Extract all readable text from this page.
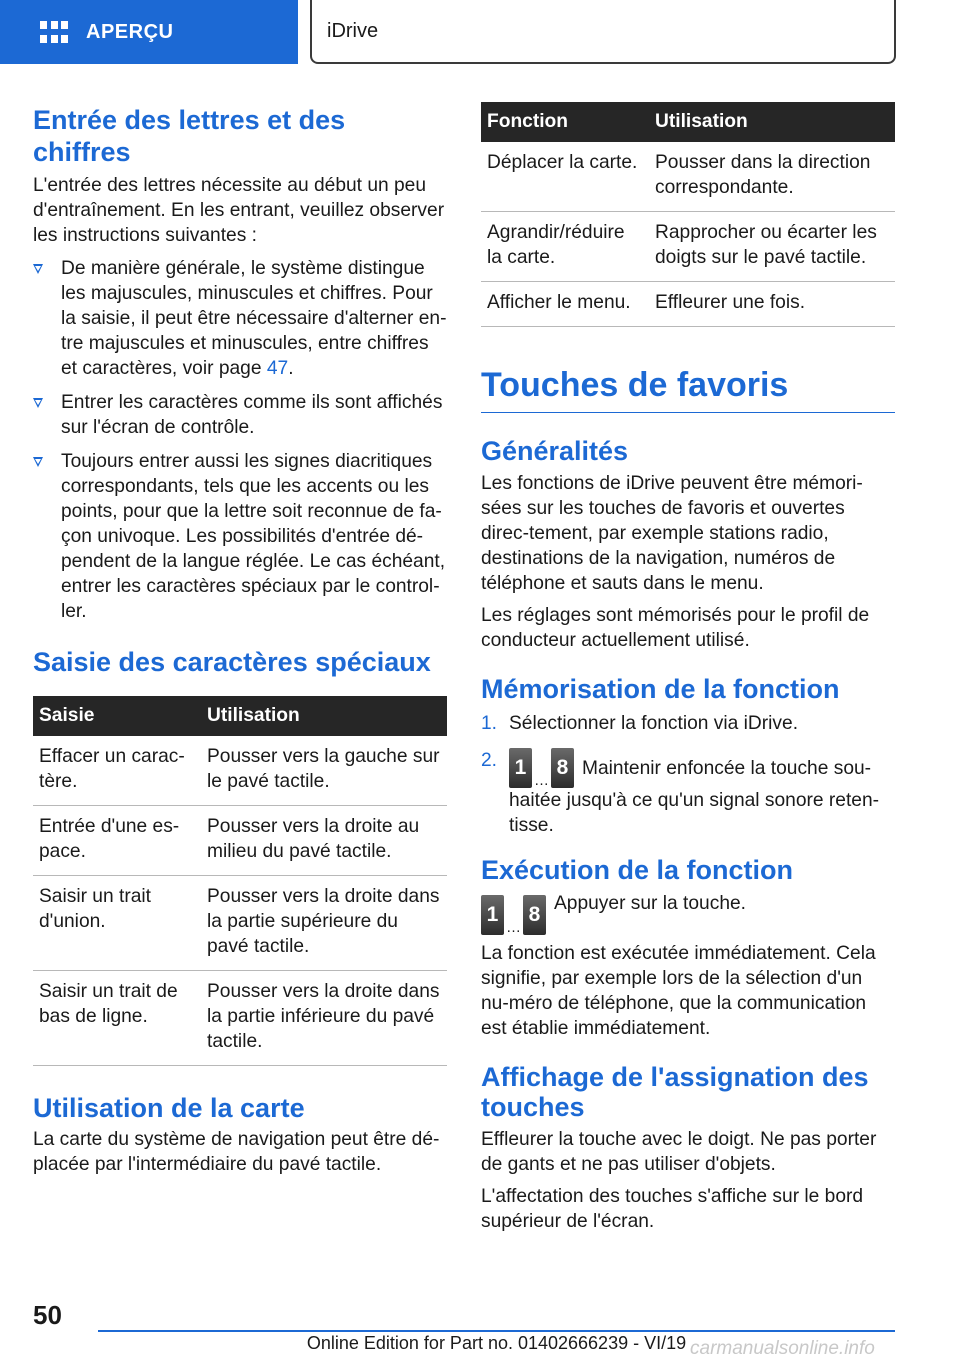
APERÇU	iDrive
Entrée des lettres et des chiffres

L'entrée des lettres nécessite au début un peu d'entraînement. En les entrant, veuillez observer les instructions suivantes :

De manière générale, le système distingue les majuscules, minuscules et chiffres. Pour la saisie, il peut être nécessaire d'alterner en‐tre majuscules et minuscules, entre chiffres et caractères, voir page 47.
Entrer les caractères comme ils sont affichés sur l'écran de contrôle.
Toujours entrer aussi les signes diacritiques correspondants, tels que les accents ou les points, pour que la lettre soit reconnue de fa‐çon univoque. Les possibilités d'entrée dé‐pendent de la langue réglée. Le cas échéant, entrer les caractères spéciaux par le control‐ler.
Saisie des caractères spéciaux
Saisie	Utilisation
Effacer un carac‐tère.	Pousser vers la gauche sur le pavé tactile.
Entrée d'une es‐pace.	Pousser vers la droite au milieu du pavé tactile.
Saisir un trait d'union.	Pousser vers la droite dans la partie supérieure du pavé tactile.
Saisir un trait de bas de ligne.	Pousser vers la droite dans la partie inférieure du pavé tactile.
Utilisation de la carte

La carte du système de navigation peut être dé‐placée par l'intermédiaire du pavé tactile.

Fonction	Utilisation
Déplacer la carte.	Pousser dans la direction correspondante.
Agrandir/réduire la carte.	Rapprocher ou écarter les doigts sur le pavé tactile.
Afficher le menu.	Effleurer une fois.
Touches de favoris
Généralités

Les fonctions de iDrive peuvent être mémori‐sées sur les touches de favoris et ouvertes direc‐tement, par exemple stations radio, destinations de la navigation, numéros de téléphone et sauts dans le menu.

Les réglages sont mémorisés pour le profil de conducteur actuellement utilisé.

Mémorisation de la fonction
1. Sélectionner la fonction via iDrive.
2. 1
…
8 Maintenir enfoncée la touche sou‐haitée jusqu'à ce qu'un signal sonore reten‐tisse.
Exécution de la fonction
1
…
8 Appuyer sur la touche.

La fonction est exécutée immédiatement. Cela signifie, par exemple lors de la sélection d'un nu‐méro de téléphone, que la communication est établie immédiatement.

Affichage de l'assignation des touches

Effleurer la touche avec le doigt. Ne pas porter de gants et ne pas utiliser d'objets.

L'affectation des touches s'affiche sur le bord supérieur de l'écran.

50
Online Edition for Part no. 01402666239 - VI/19 carmanualsonline.info
